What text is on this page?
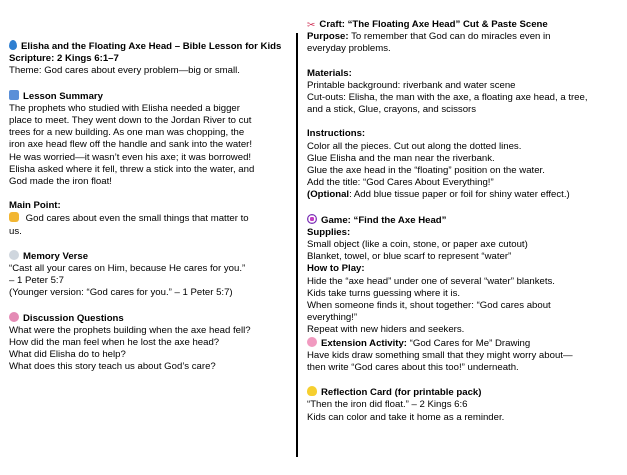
Elisha and the Floating Axe Head – Bible Lesson for Kids

Scripture: 2 Kings 6:1–7

Theme: God cares about every problem—big or small.

Lesson Summary

The prophets who studied with Elisha needed a bigger

place to meet. They went down to the Jordan River to cut

trees for a new building. As one man was chopping, the

iron axe head flew off the handle and sank into the water!

He was worried—it wasn’t even his axe; it was borrowed!

Elisha asked where it fell, threw a stick into the water, and

God made the iron float!

Main Point:

God cares about even the small things that matter to

us.

Memory Verse

“Cast all your cares on Him, because He cares for you.”

– 1 Peter 5:7

(Younger version: “God cares for you.” – 1 Peter 5:7)

Discussion Questions

What were the prophets building when the axe head fell?

How did the man feel when he lost the axe head?

What did Elisha do to help?

What does this story teach us about God’s care?

✂ Craft: “The Floating Axe Head” Cut & Paste Scene

Purpose: To remember that God can do miracles even in

everyday problems.

Materials:

Printable background: riverbank and water scene

Cut-outs: Elisha, the man with the axe, a floating axe head, a tree,

and a stick, Glue, crayons, and scissors

Instructions:

Color all the pieces. Cut out along the dotted lines.

Glue Elisha and the man near the riverbank.

Glue the axe head in the “floating” position on the water.

Add the title: “God Cares About Everything!”

(Optional: Add blue tissue paper or foil for shiny water effect.)

Game: “Find the Axe Head”

Supplies:

Small object (like a coin, stone, or paper axe cutout)

Blanket, towel, or blue scarf to represent “water”

How to Play:

Hide the “axe head” under one of several “water” blankets.

Kids take turns guessing where it is.

When someone finds it, shout together: “God cares about

everything!”

Repeat with new hiders and seekers.

Extension Activity: “God Cares for Me” Drawing

Have kids draw something small that they might worry about—

then write “God cares about this too!” underneath.

Reflection Card (for printable pack)

“Then the iron did float.” – 2 Kings 6:6

Kids can color and take it home as a reminder.
